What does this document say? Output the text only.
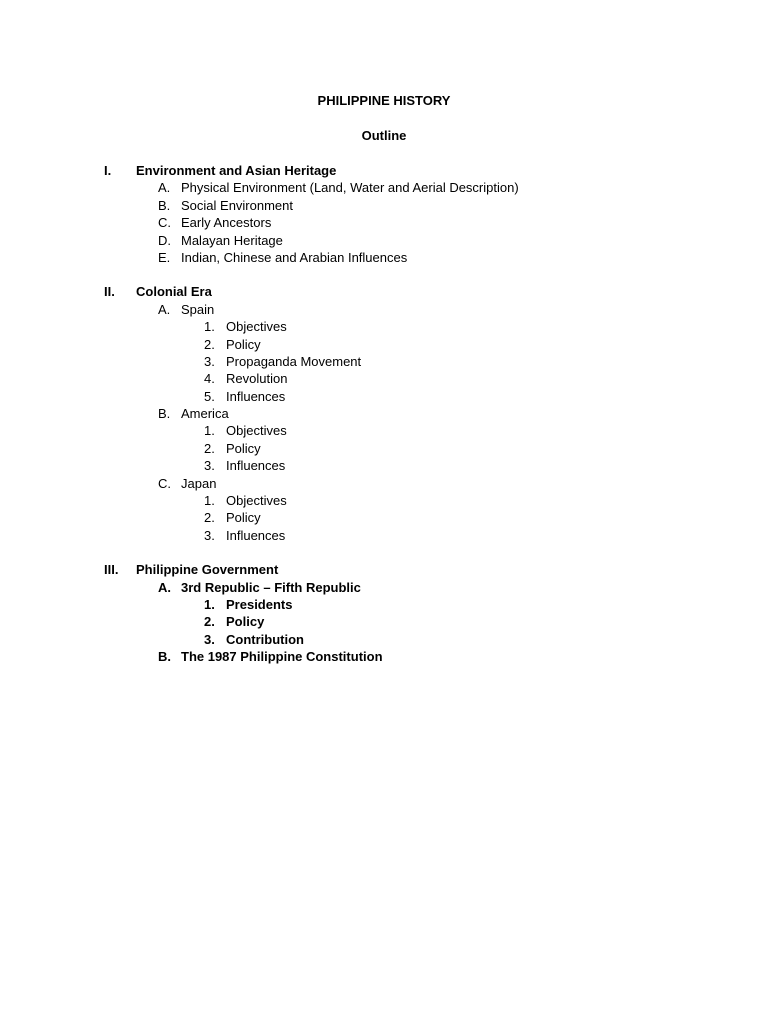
PHILIPPINE HISTORY
Outline
I.	Environment and Asian Heritage
A. Physical Environment (Land, Water and Aerial Description)
B. Social Environment
C. Early Ancestors
D. Malayan Heritage
E. Indian, Chinese and Arabian Influences
II.	Colonial Era
A. Spain
1. Objectives
2. Policy
3. Propaganda Movement
4. Revolution
5. Influences
B. America
1. Objectives
2. Policy
3. Influences
C. Japan
1. Objectives
2. Policy
3. Influences
III.	Philippine Government
A. 3rd Republic – Fifth Republic
1. Presidents
2. Policy
3. Contribution
B. The 1987 Philippine Constitution
